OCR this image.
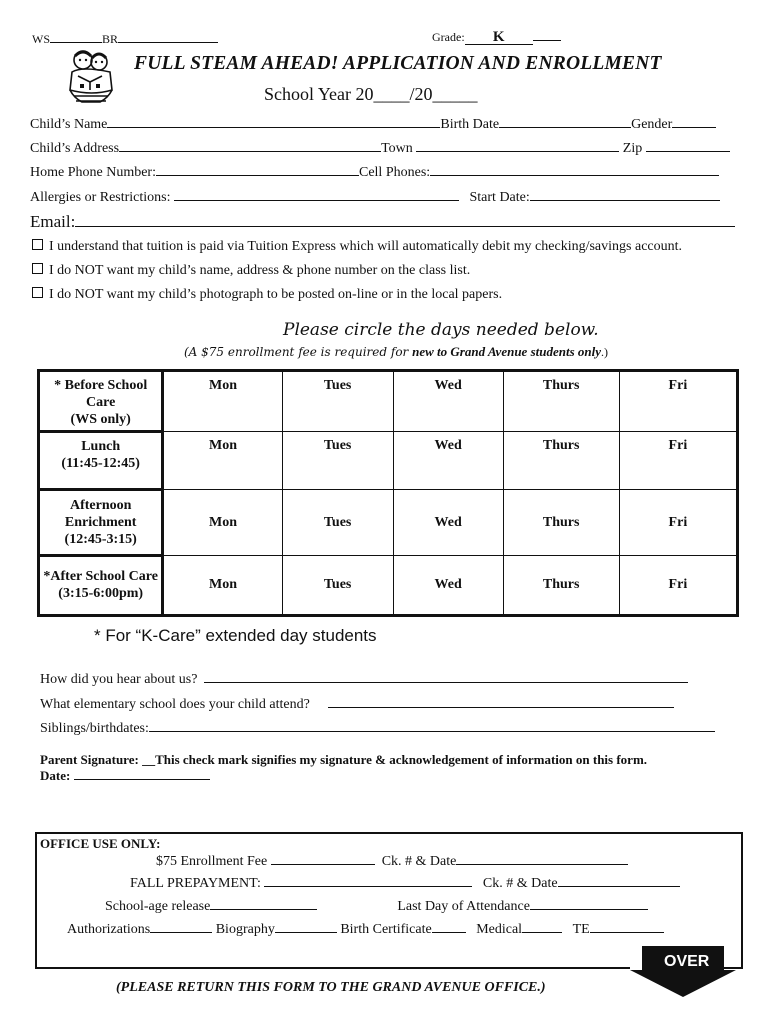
WS	BR	Grade: K
FULL STEAM AHEAD! APPLICATION AND ENROLLMENT
School Year 20____/20_____
Child’s Name	Birth Date	Gender
Child’s Address	Town	Zip
Home Phone Number:	Cell Phones:
Allergies or Restrictions:	Start Date:
Email:
I understand that tuition is paid via Tuition Express which will automatically debit my checking/savings account.
I do NOT want my child’s name, address & phone number on the class list.
I do NOT want my child’s photograph to be posted on-line or in the local papers.
Please circle the days needed below.
(A $75 enrollment fee is required for new to Grand Avenue students only.)
* Before School
Care
(WS only)	Mon	Tues	Wed	Thurs	Fri

Lunch
(11:45-12:45)	Mon	Tues	Wed	Thurs	Fri

Afternoon
Enrichment
(12:45-3:15)	Mon	Tues	Wed	Thurs	Fri

*After School Care
(3:15-6:00pm)	Mon	Tues	Wed	Thurs	Fri
* For “K-Care” extended day students
How did you hear about us?
What elementary school does your child attend?
Siblings/birthdates:
Parent Signature: __This check mark signifies my signature & acknowledgement of information on this form.
Date:
OFFICE USE ONLY:
$75 Enrollment Fee	Ck. # & Date
FALL PREPAYMENT:	Ck. # & Date
School-age release	Last Day of Attendance
Authorizations	Biography	Birth Certificate	Medical	TE
OVER
(PLEASE RETURN THIS FORM TO THE GRAND AVENUE OFFICE.)
